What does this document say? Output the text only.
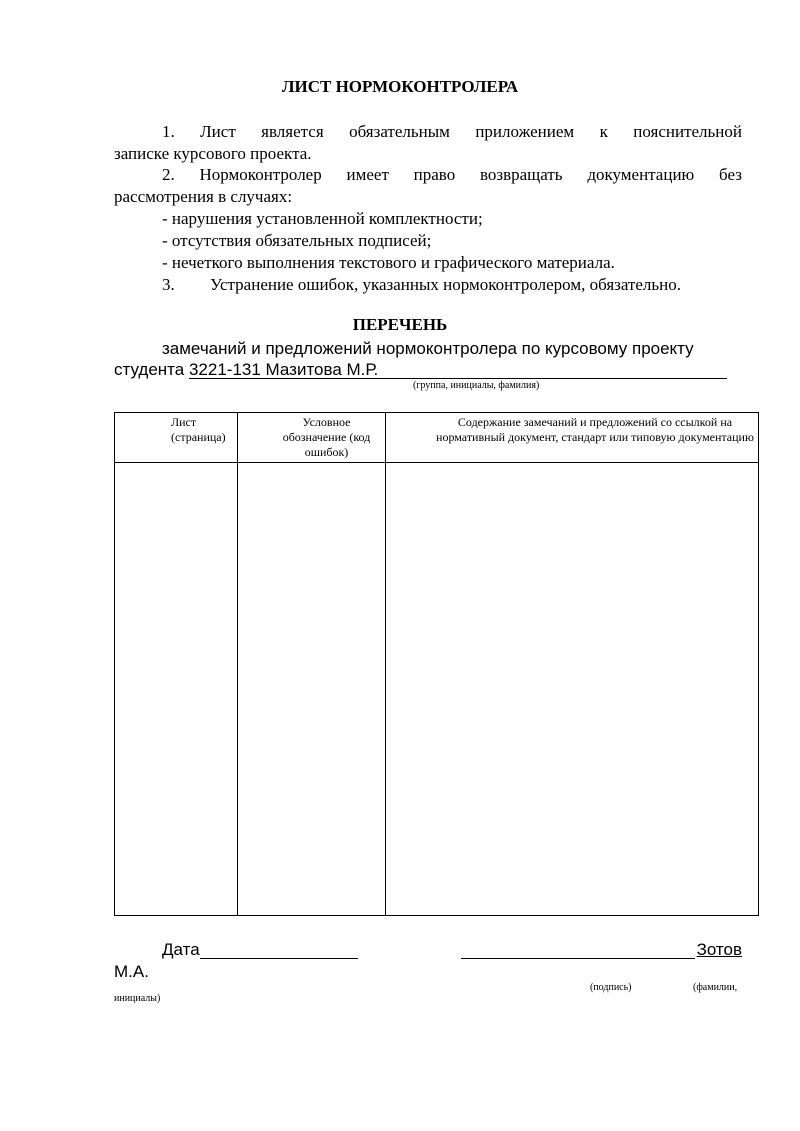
ЛИСТ НОРМОКОНТРОЛЕРА
1. Лист является обязательным приложением к пояснительной
записке курсового проекта.
2. Нормоконтролер имеет право возвращать документацию без
рассмотрения в случаях:
- нарушения установленной комплектности;
- отсутствия обязательных подписей;
- нечеткого выполнения текстового и графического материала.
3. Устранение ошибок, указанных нормоконтролером, обязательно.
ПЕРЕЧЕНЬ
замечаний и предложений нормоконтролера по курсовому проекту
студента 3221-131 Мазитова М.Р.
(группа, инициалы, фамилия)
Лист (страница)	Условное обозначение (код ошибок)	Содержание замечаний и предложений со ссылкой на нормативный документ, стандарт или типовую документацию

Дата	Зотов
М.А.
(подпись)	(фамилии,
инициалы)
